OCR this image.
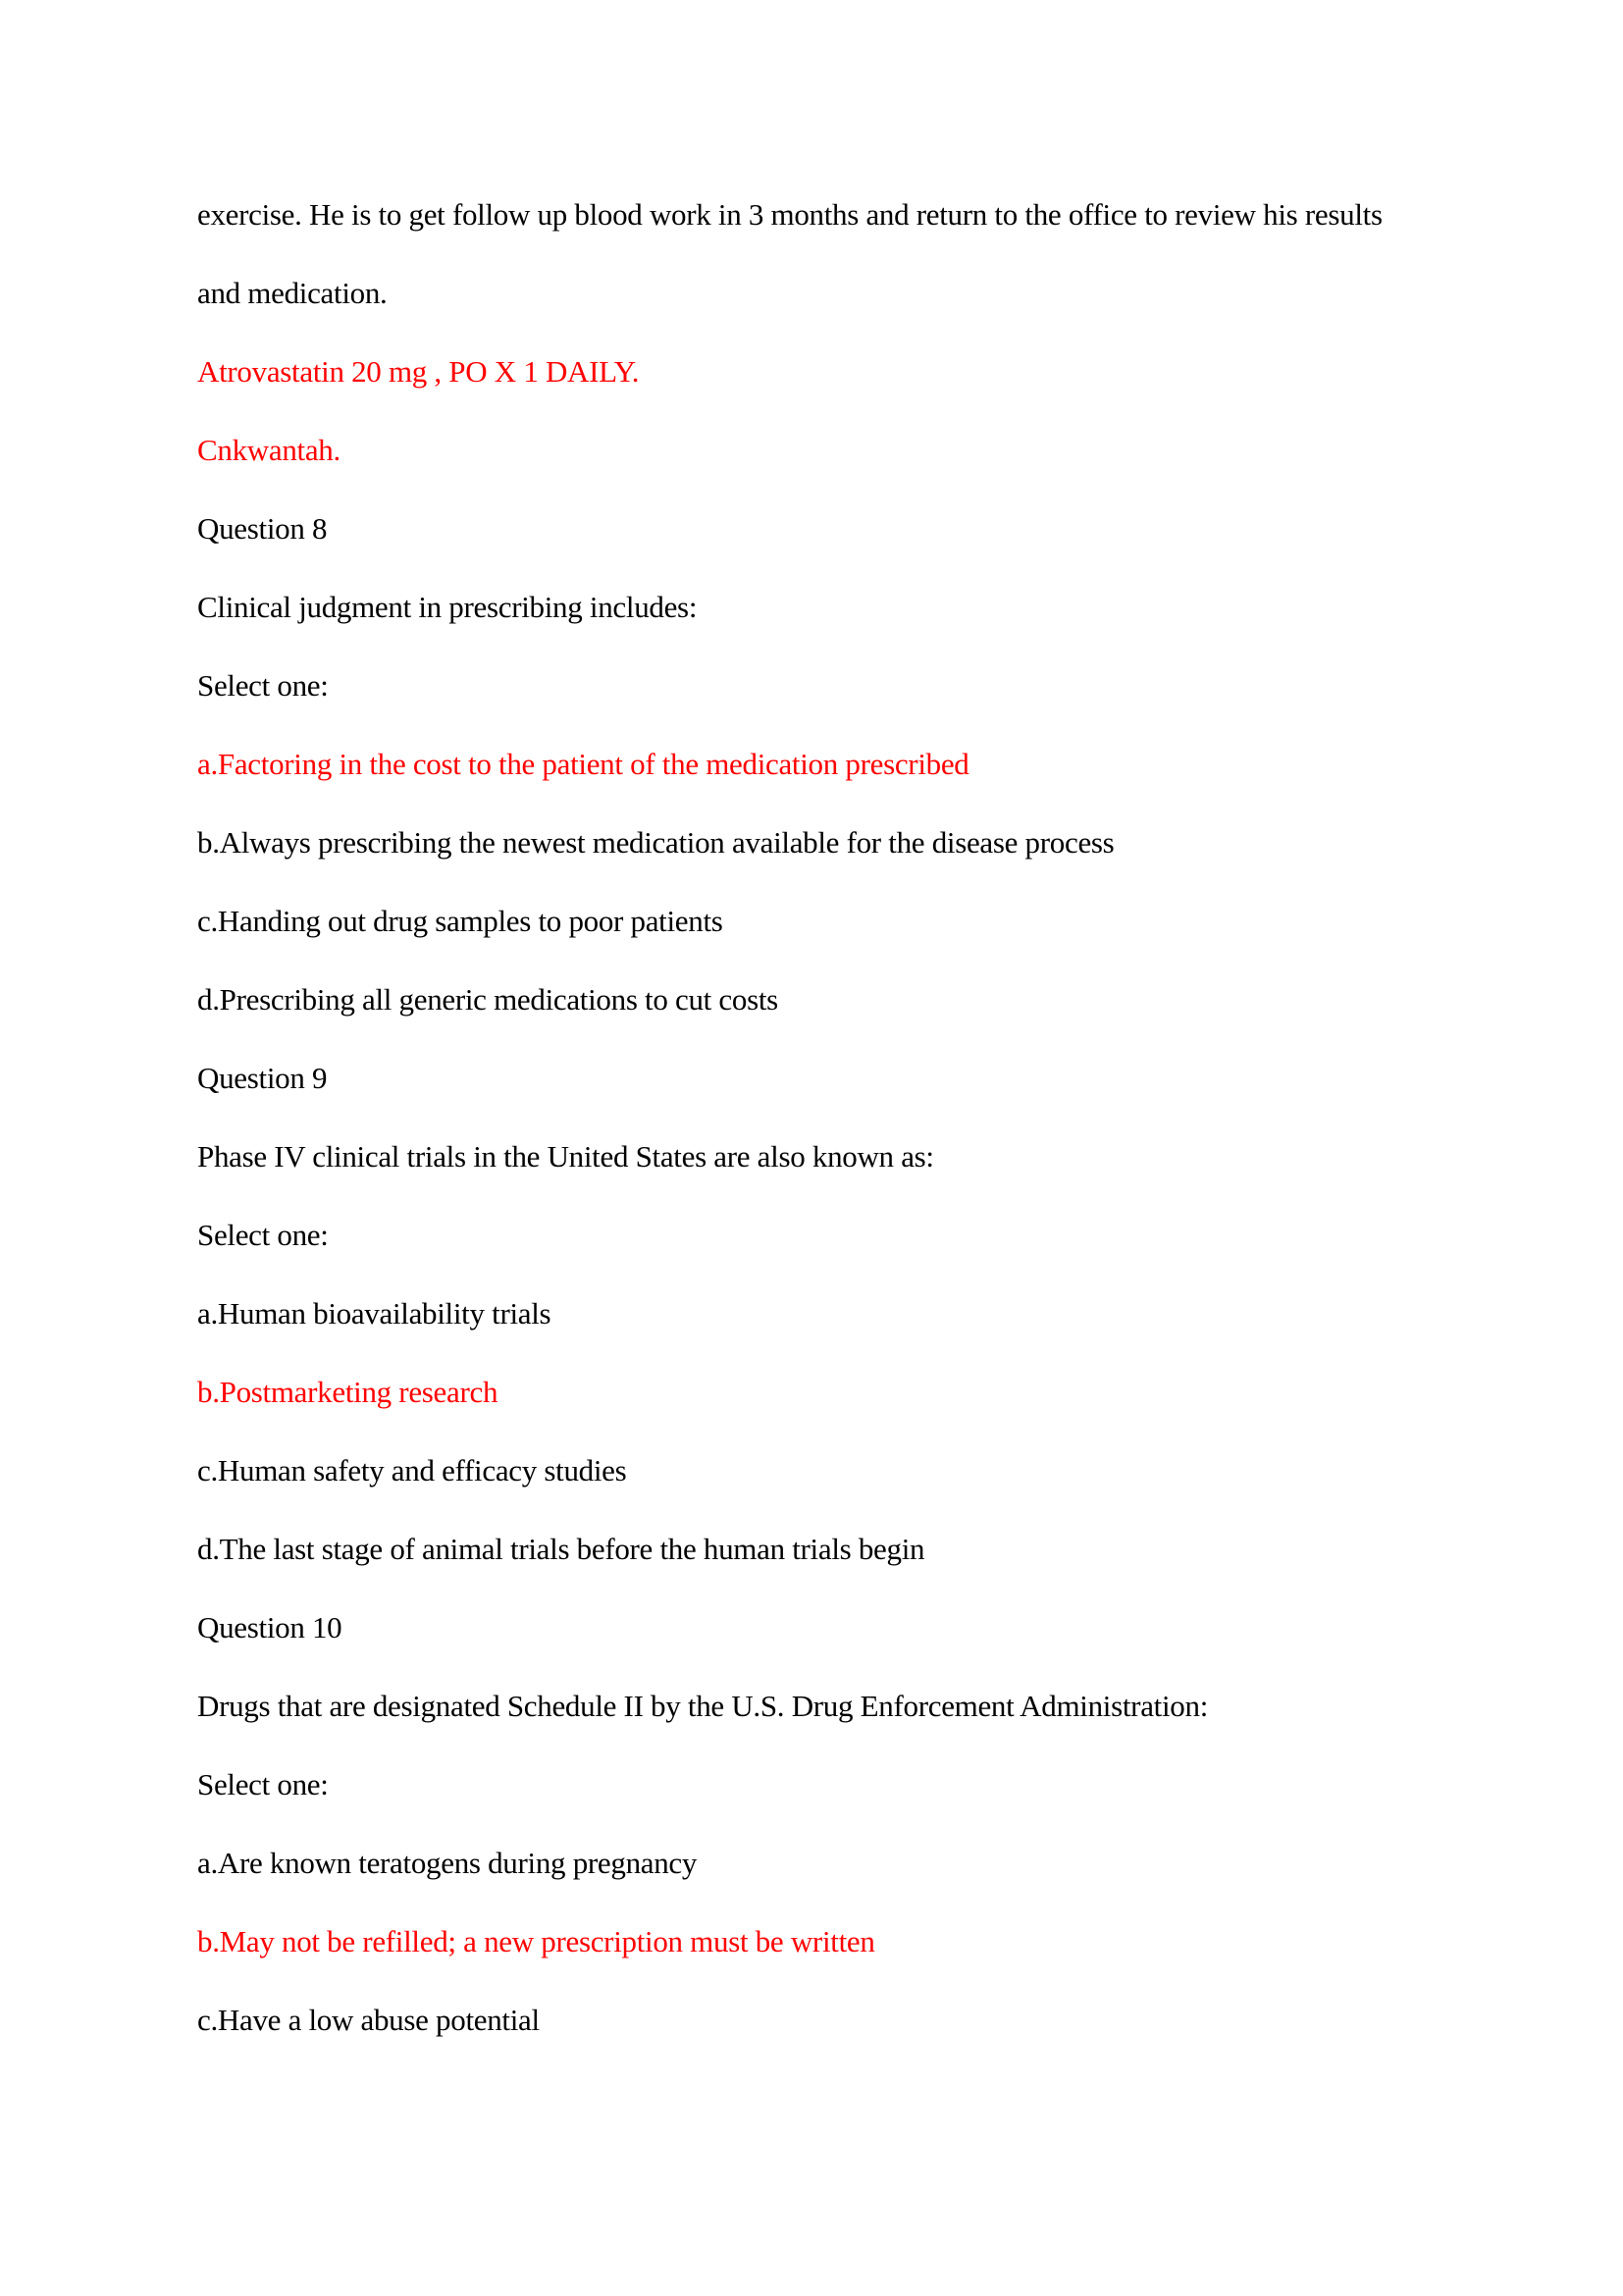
exercise. He is to get follow up blood work in 3 months and return to the office to review his results
and medication.
Atrovastatin 20 mg , PO X 1 DAILY.
Cnkwantah.
Question 8
Clinical judgment in prescribing includes:
Select one:
a.Factoring in the cost to the patient of the medication prescribed
b.Always prescribing the newest medication available for the disease process
c.Handing out drug samples to poor patients
d.Prescribing all generic medications to cut costs
Question 9
Phase IV clinical trials in the United States are also known as:
Select one:
a.Human bioavailability trials
b.Postmarketing research
c.Human safety and efficacy studies
d.The last stage of animal trials before the human trials begin
Question 10
Drugs that are designated Schedule II by the U.S. Drug Enforcement Administration:
Select one:
a.Are known teratogens during pregnancy
b.May not be refilled; a new prescription must be written
c.Have a low abuse potential
